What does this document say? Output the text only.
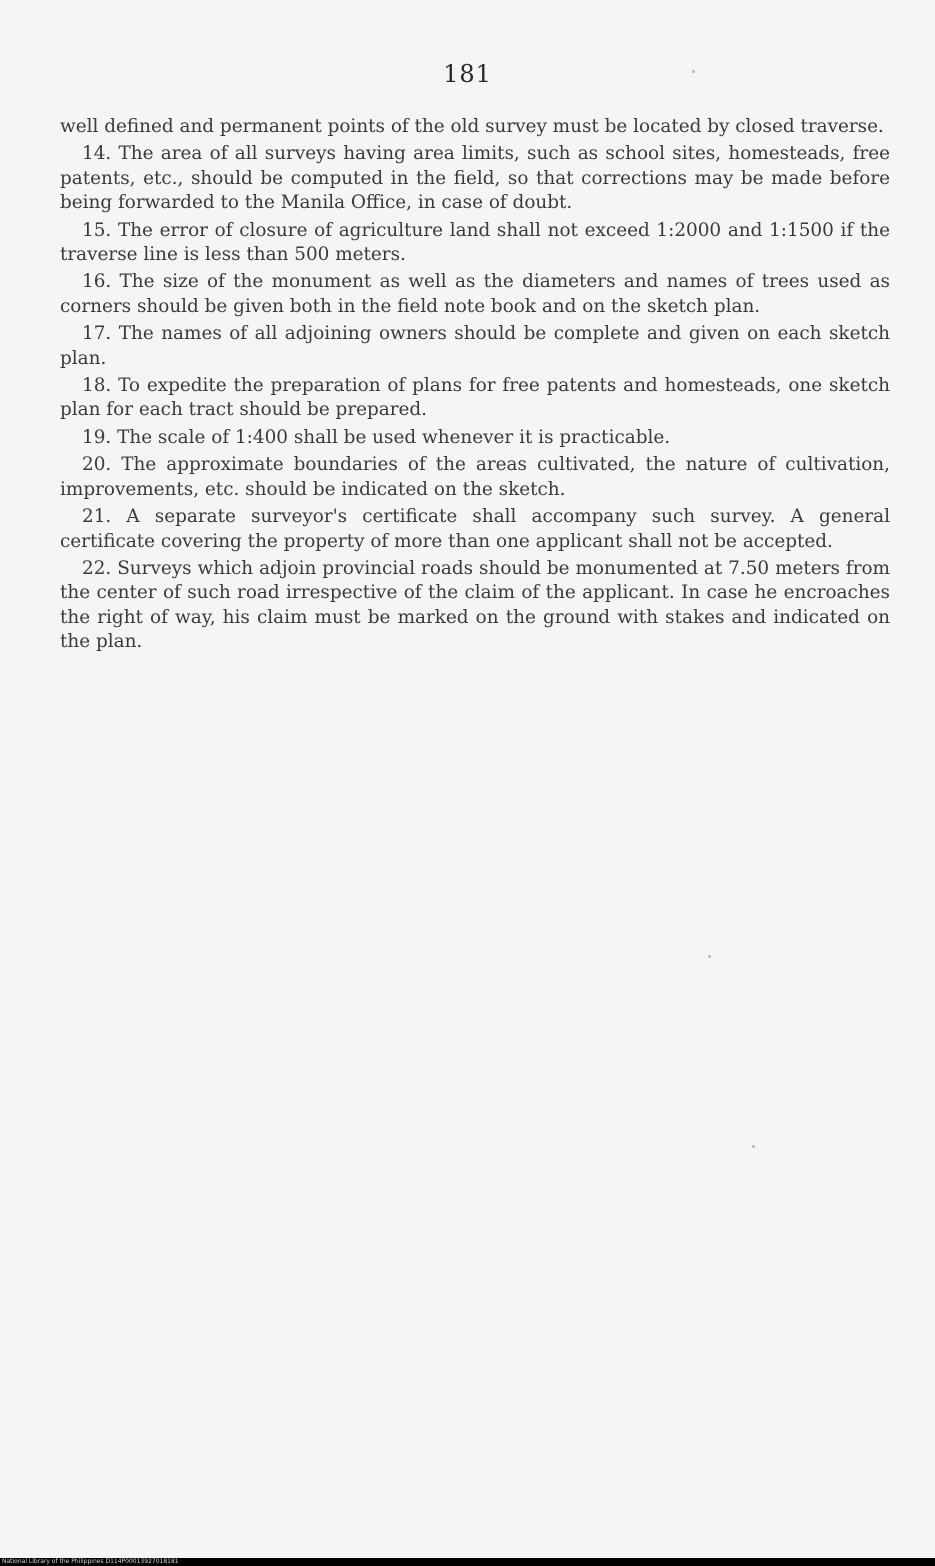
181

well defined and permanent points of the old survey must be located by closed traverse.

14. The area of all surveys having area limits, such as school sites, homesteads, free patents, etc., should be computed in the field, so that corrections may be made before being forwarded to the Manila Office, in case of doubt.

15. The error of closure of agriculture land shall not exceed 1:2000 and 1:1500 if the traverse line is less than 500 meters.

16. The size of the monument as well as the diameters and names of trees used as corners should be given both in the field note book and on the sketch plan.

17. The names of all adjoining owners should be complete and given on each sketch plan.

18. To expedite the preparation of plans for free patents and homesteads, one sketch plan for each tract should be prepared.

19. The scale of 1:400 shall be used whenever it is practicable.

20. The approximate boundaries of the areas cultivated, the nature of cultivation, improvements, etc. should be indicated on the sketch.

21. A separate surveyor's certificate shall accompany such survey. A general certificate covering the property of more than one applicant shall not be accepted.

22. Surveys which adjoin provincial roads should be monumented at 7.50 meters from the center of such road irrespective of the claim of the applicant. In case he encroaches the right of way, his claim must be marked on the ground with stakes and indicated on the plan.

National Library of the Philippines D114P00013927018181
